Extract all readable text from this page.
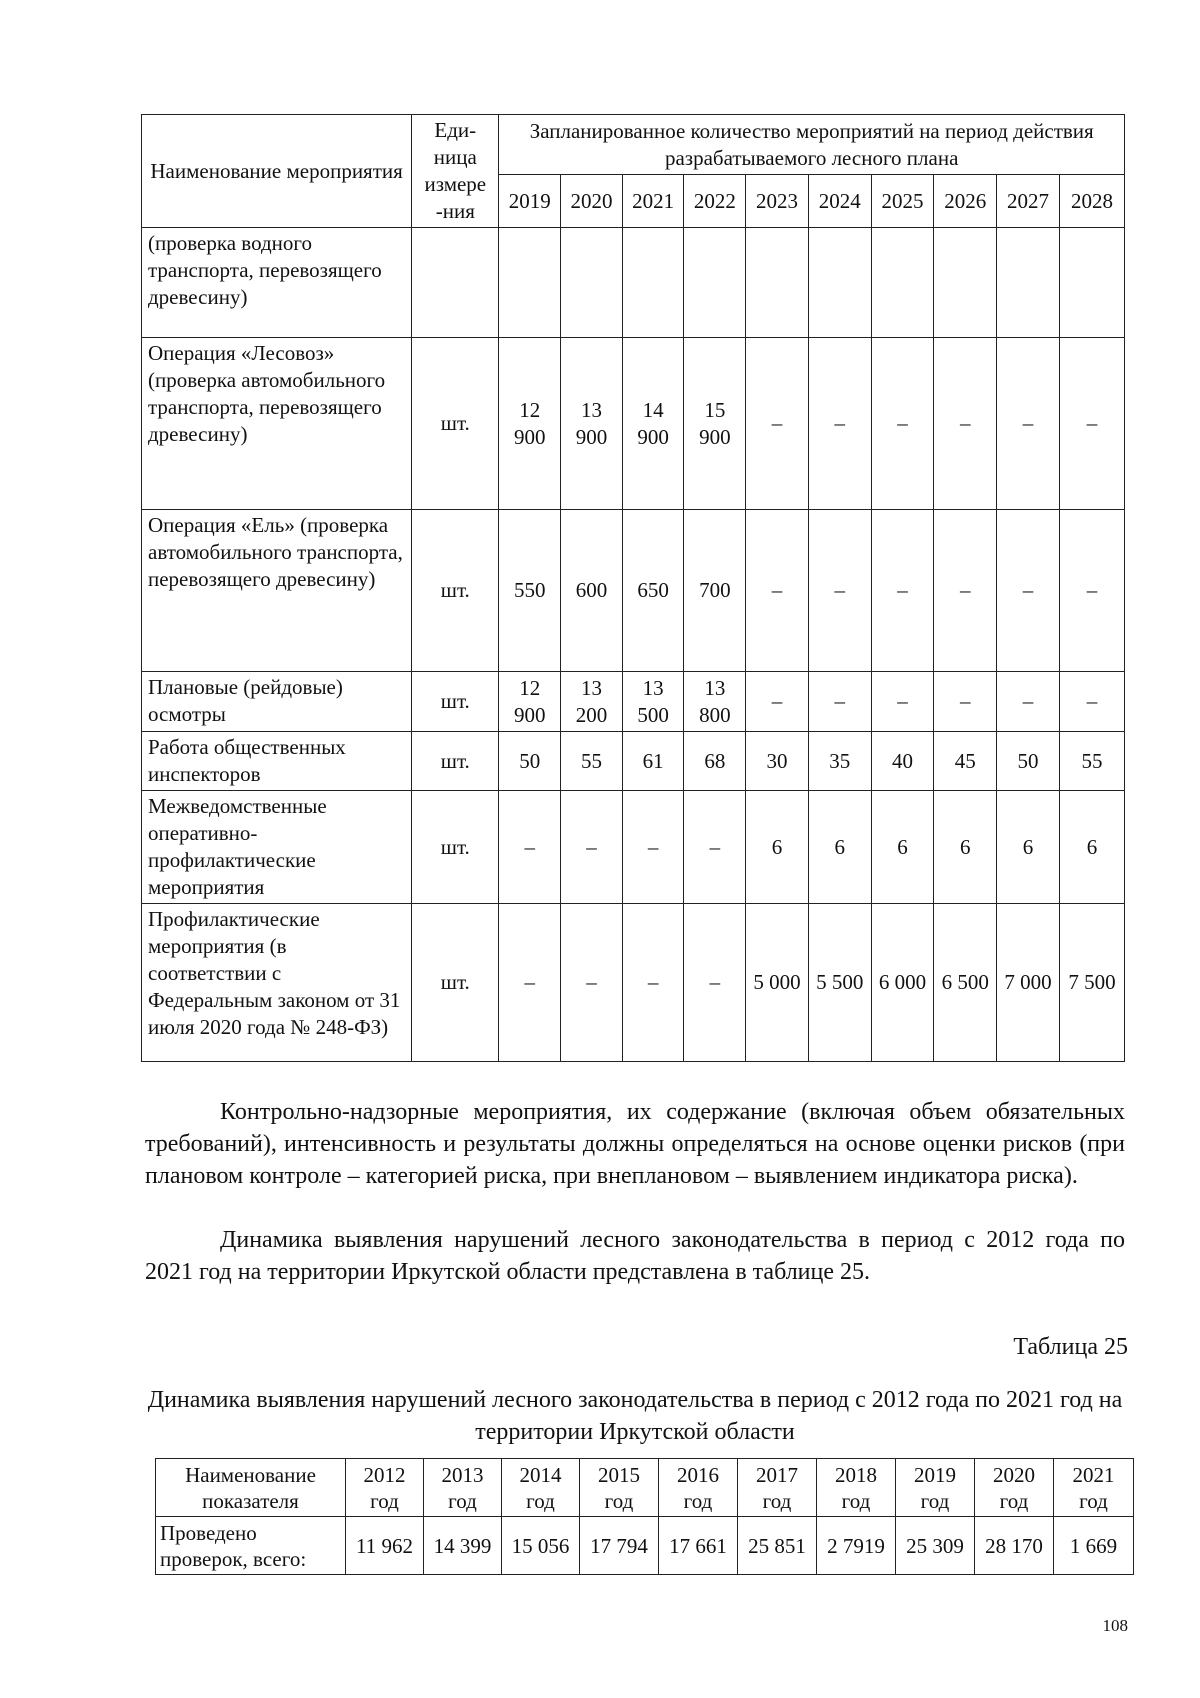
Наименование мероприятия	Еди-ница измере -ния	Запланированное количество мероприятий на период действия разрабатываемого лесного плана									
		2019	2020	2021	2022	2023	2024	2025	2026	2027	2028
(проверка водного транспорта, перевозящего древесину)											
Операция «Лесовоз» (проверка автомобильного транспорта, перевозящего древесину)	шт.	12 900	13 900	14 900	15 900	–	–	–	–	–	–
Операция «Ель» (проверка автомобильного транспорта, перевозящего древесину)	шт.	550	600	650	700	–	–	–	–	–	–
Плановые (рейдовые) осмотры	шт.	12 900	13 200	13 500	13 800	–	–	–	–	–	–
Работа общественных инспекторов	шт.	50	55	61	68	30	35	40	45	50	55
Межведомственные оперативно-профилактические мероприятия	шт.	–	–	–	–	6	6	6	6	6	6
Профилактические мероприятия (в соответствии с Федеральным законом от 31 июля 2020 года № 248-ФЗ)	шт.	–	–	–	–	5 000	5 500	6 000	6 500	7 000	7 500

Контрольно-надзорные мероприятия, их содержание (включая объем обязательных требований), интенсивность и результаты должны определяться на основе оценки рисков (при плановом контроле – категорией риска, при внеплановом – выявлением индикатора риска).

Динамика выявления нарушений лесного законодательства в период с 2012 года по 2021 год на территории Иркутской области представлена в таблице 25.

Таблица 25
Динамика выявления нарушений лесного законодательства в период с 2012 года по 2021 год на территории Иркутской области
Наименование показателя	2012 год	2013 год	2014 год	2015 год	2016 год	2017 год	2018 год	2019 год	2020 год	2021 год
Проведено проверок, всего:	11 962	14 399	15 056	17 794	17 661	25 851	2 7919	25 309	28 170	1 669
108
